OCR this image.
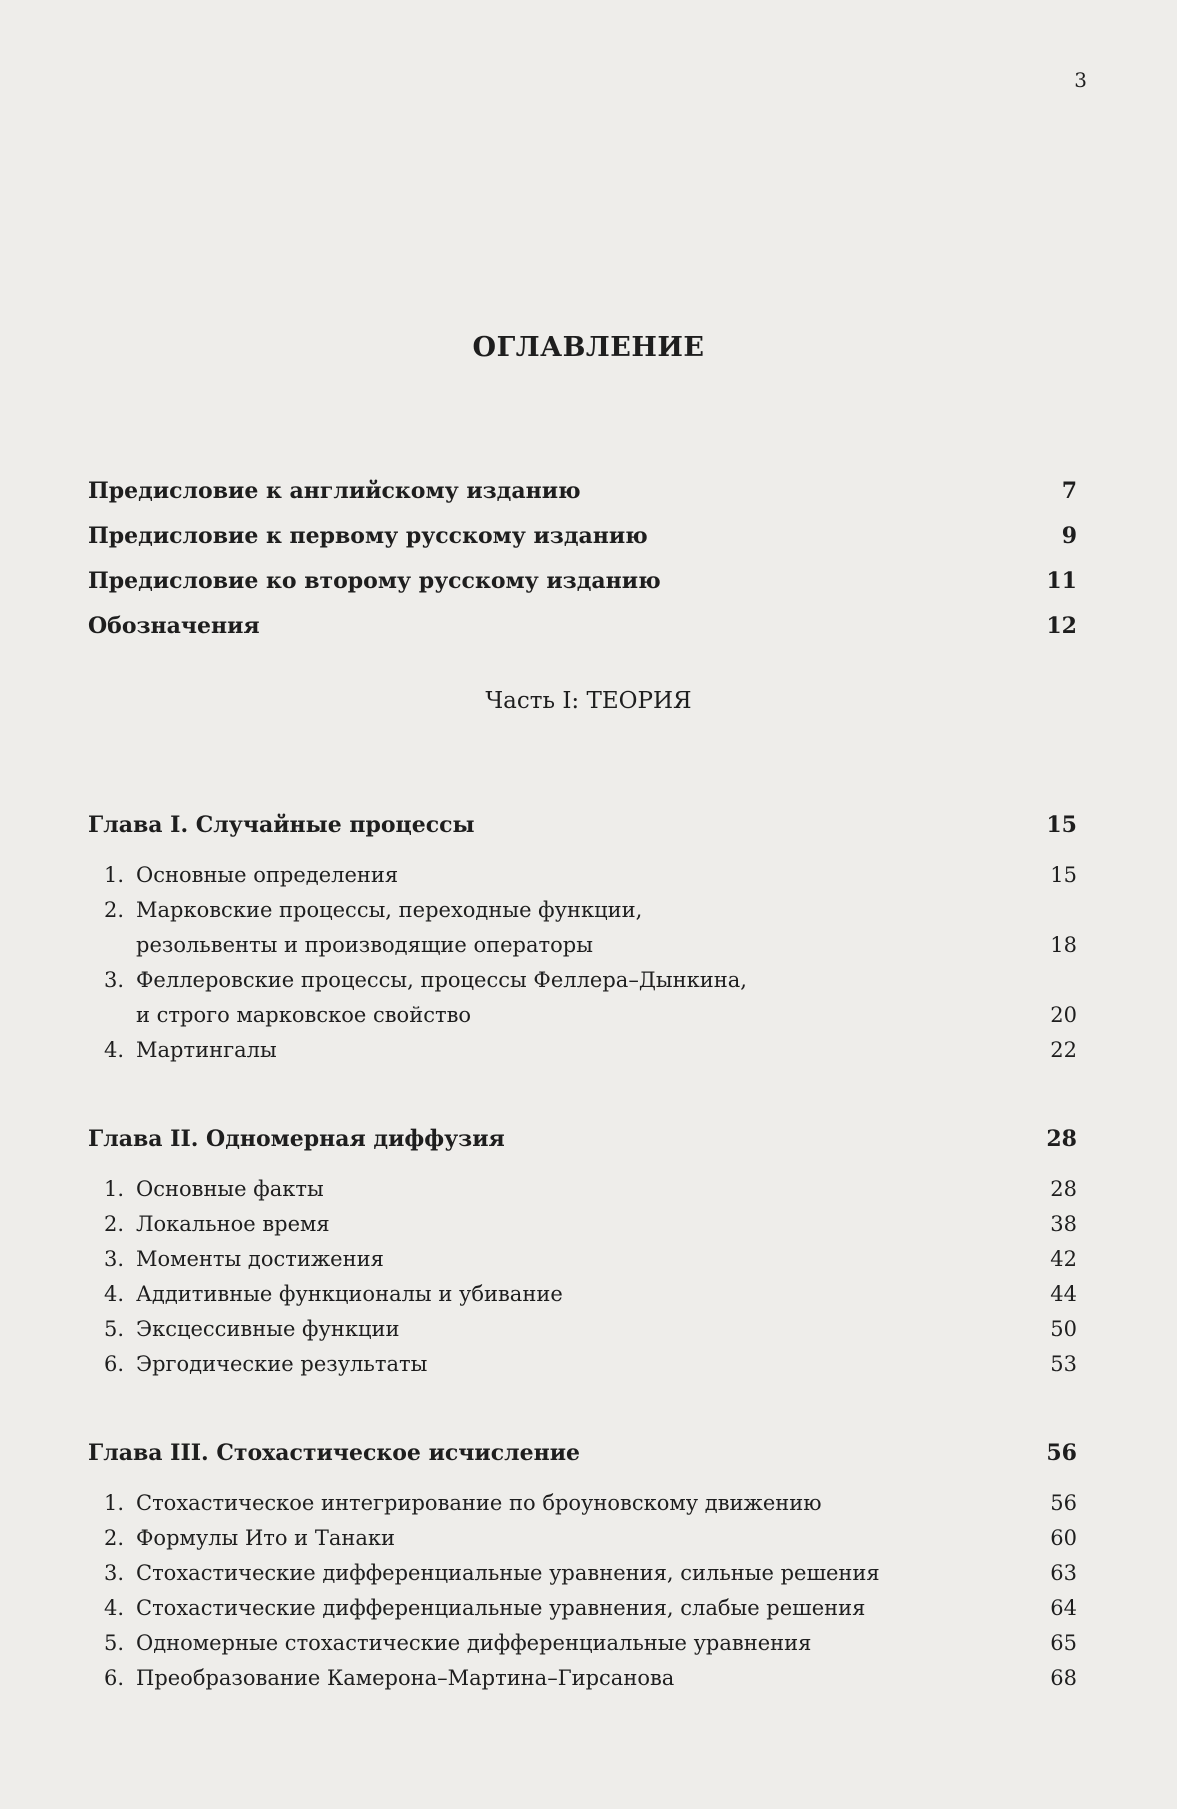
3
ОГЛАВЛЕНИЕ
Предисловие к английскому изданию	7
Предисловие к первому русскому изданию	9
Предисловие ко второму русскому изданию	11
Обозначения	12
Часть I: ТЕОРИЯ
Глава I. Случайные процессы	15
1. Основные определения	15
2. Марковские процессы, переходные функции,
резольвенты и производящие операторы	18
3. Феллеровские процессы, процессы Феллера–Дынкина,
и строго марковское свойство	20
4. Мартингалы	22
Глава II. Одномерная диффузия	28
1. Основные факты	28
2. Локальное время	38
3. Моменты достижения	42
4. Аддитивные функционалы и убивание	44
5. Эксцессивные функции	50
6. Эргодические результаты	53
Глава III. Стохастическое исчисление	56
1. Стохастическое интегрирование по броуновскому движению	56
2. Формулы Ито и Танаки	60
3. Стохастические дифференциальные уравнения, сильные решения	63
4. Стохастические дифференциальные уравнения, слабые решения	64
5. Одномерные стохастические дифференциальные уравнения	65
6. Преобразование Камерона–Мартина–Гирсанова	68
